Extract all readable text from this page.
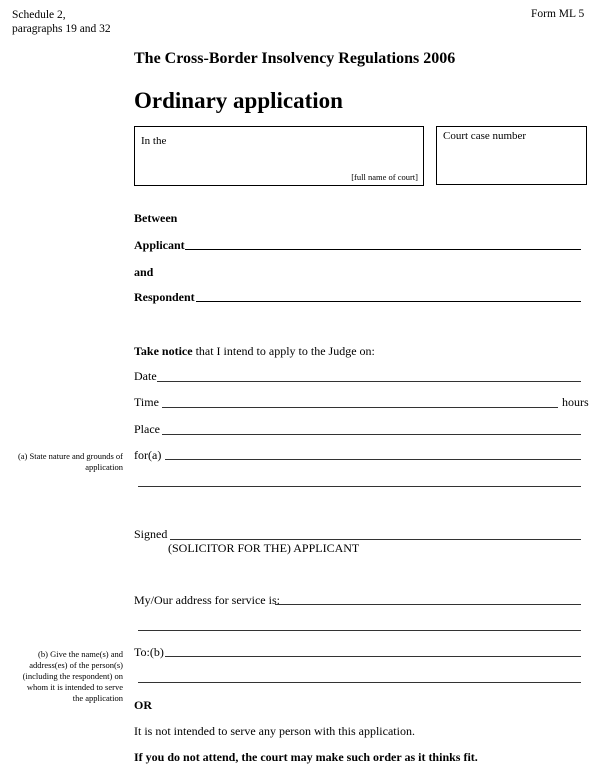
Schedule 2,
paragraphs 19 and 32
Form ML 5
The Cross-Border Insolvency Regulations 2006
Ordinary application
In the
[full name of court]
Court case number
Between
Applicant
and
Respondent
Take notice that I intend to apply to the Judge on:
Date
Time	hours
Place
(a) State nature and grounds of
application
for(a)
Signed
(SOLICITOR FOR THE) APPLICANT
My/Our address for service is:
(b) Give the name(s) and
address(es) of the person(s)
(including the respondent) on
whom it is intended to serve
the application
To:(b)
OR
It is not intended to serve any person with this application.
If you do not attend, the court may make such order as it thinks fit.
